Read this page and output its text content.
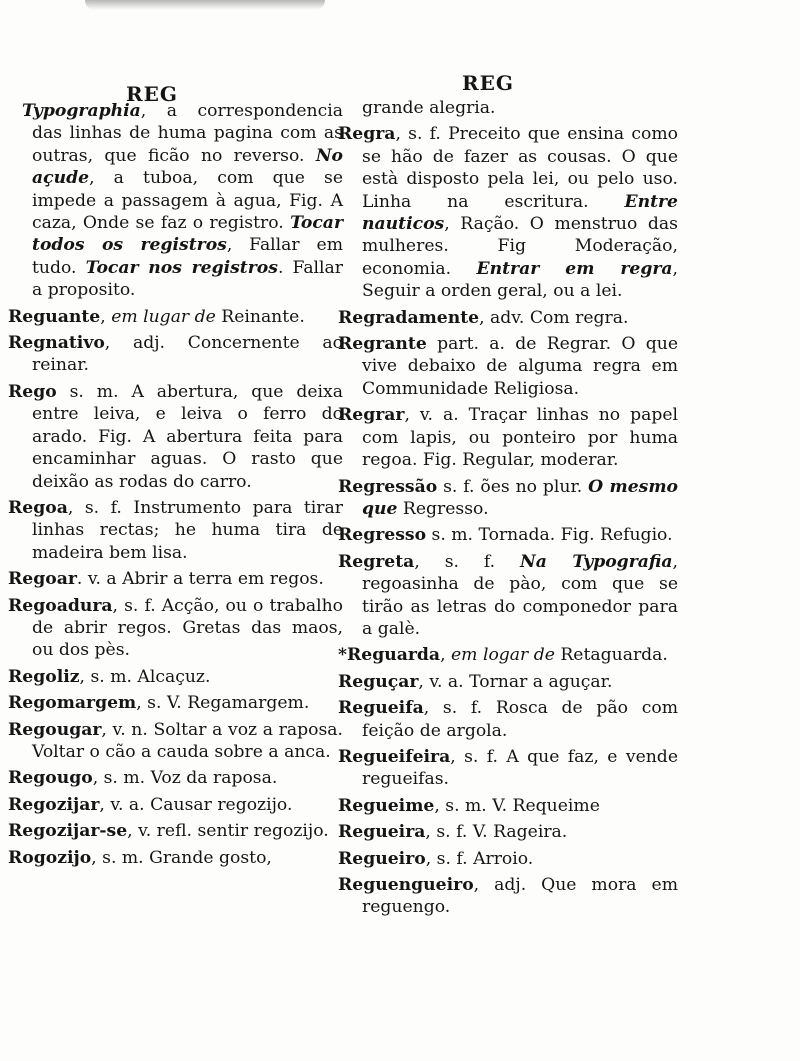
REG	REG

Typographia, a correspondencia das linhas de huma pagina com as outras, que ficão no reverso. No açude, a tuboa, com que se impede a passagem à agua, Fig. A caza, Onde se faz o registro. Tocar todos os registros, Fallar em tudo. Tocar nos registros. Fallar a proposito.

Reguante, em lugar de Reinante.

Regnativo, adj. Concernente ao reinar.

Rego s. m. A abertura, que deixa entre leiva, e leiva o ferro do arado. Fig. A abertura feita para encaminhar aguas. O rasto que deixão as rodas do carro.

Regoa, s. f. Instrumento para tirar linhas rectas; he huma tira de madeira bem lisa.

Regoar. v. a Abrir a terra em regos.

Regoadura, s. f. Acção, ou o trabalho de abrir regos. Gretas das maos, ou dos pès.

Regoliz, s. m. Alcaçuz.

Regomargem, s. V. Regamargem.

Regougar, v. n. Soltar a voz a raposa. Voltar o cão a cauda sobre a anca.

Regougo, s. m. Voz da raposa.

Regozijar, v. a. Causar regozijo.

Regozijar-se, v. refl. sentir regozijo.

Rogozijo, s. m. Grande gosto,

grande alegria.

Regra, s. f. Preceito que ensina como se hão de fazer as cousas. O que està disposto pela lei, ou pelo uso. Linha na escritura. Entre nauticos, Ração. O menstruo das mulheres. Fig Moderação, economia. Entrar em regra, Seguir a orden geral, ou a lei.

Regradamente, adv. Com regra.

Regrante part. a. de Regrar. O que vive debaixo de alguma regra em Communidade Religiosa.

Regrar, v. a. Traçar linhas no papel com lapis, ou ponteiro por huma regoa. Fig. Regular, moderar.

Regressão s. f. ões no plur. O mesmo que Regresso.

Regresso s. m. Tornada. Fig. Refugio.

Regreta, s. f. Na Typografia, regoasinha de pào, com que se tirão as letras do componedor para a galè.

*Reguarda, em logar de Retaguarda.

Reguçar, v. a. Tornar a aguçar.

Regueifa, s. f. Rosca de pão com feição de argola.

Regueifeira, s. f. A que faz, e vende regueifas.

Regueime, s. m. V. Requeime

Regueira, s. f. V. Rageira.

Regueiro, s. f. Arroio.

Reguengueiro, adj. Que mora em reguengo.
